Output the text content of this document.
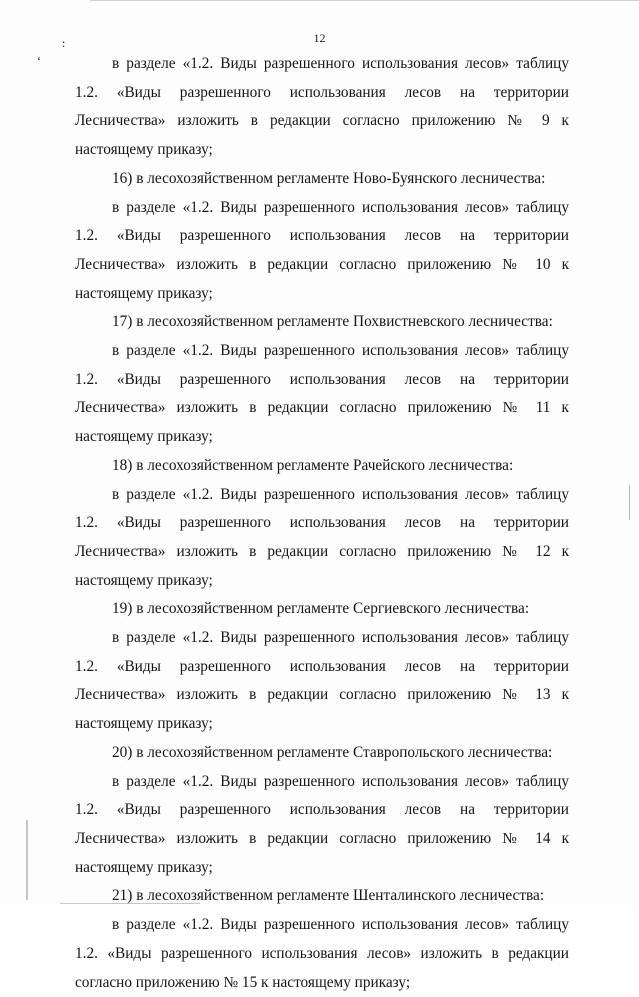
:
‘
12

в разделе «1.2. Виды разрешенного использования лесов» таблицу 1.2. «Виды разрешенного использования лесов на территории Лесничества» изложить в редакции согласно приложению № 9 к настоящему приказу;

16) в лесохозяйственном регламенте Ново-Буянского лесничества:

в разделе «1.2. Виды разрешенного использования лесов» таблицу 1.2. «Виды разрешенного использования лесов на территории Лесничества» изложить в редакции согласно приложению № 10 к настоящему приказу;

17) в лесохозяйственном регламенте Похвистневского лесничества:

в разделе «1.2. Виды разрешенного использования лесов» таблицу 1.2. «Виды разрешенного использования лесов на территории Лесничества» изложить в редакции согласно приложению № 11 к настоящему приказу;

18) в лесохозяйственном регламенте Рачейского лесничества:

в разделе «1.2. Виды разрешенного использования лесов» таблицу 1.2. «Виды разрешенного использования лесов на территории Лесничества» изложить в редакции согласно приложению № 12 к настоящему приказу;

19) в лесохозяйственном регламенте Сергиевского лесничества:

в разделе «1.2. Виды разрешенного использования лесов» таблицу 1.2. «Виды разрешенного использования лесов на территории Лесничества» изложить в редакции согласно приложению № 13 к настоящему приказу;

20) в лесохозяйственном регламенте Ставропольского лесничества:

в разделе «1.2. Виды разрешенного использования лесов» таблицу 1.2. «Виды разрешенного использования лесов на территории Лесничества» изложить в редакции согласно приложению № 14 к настоящему приказу;

21) в лесохозяйственном регламенте Шенталинского лесничества:

в разделе «1.2. Виды разрешенного использования лесов» таблицу 1.2. «Виды разрешенного использования лесов» изложить в редакции согласно приложению № 15 к настоящему приказу;
